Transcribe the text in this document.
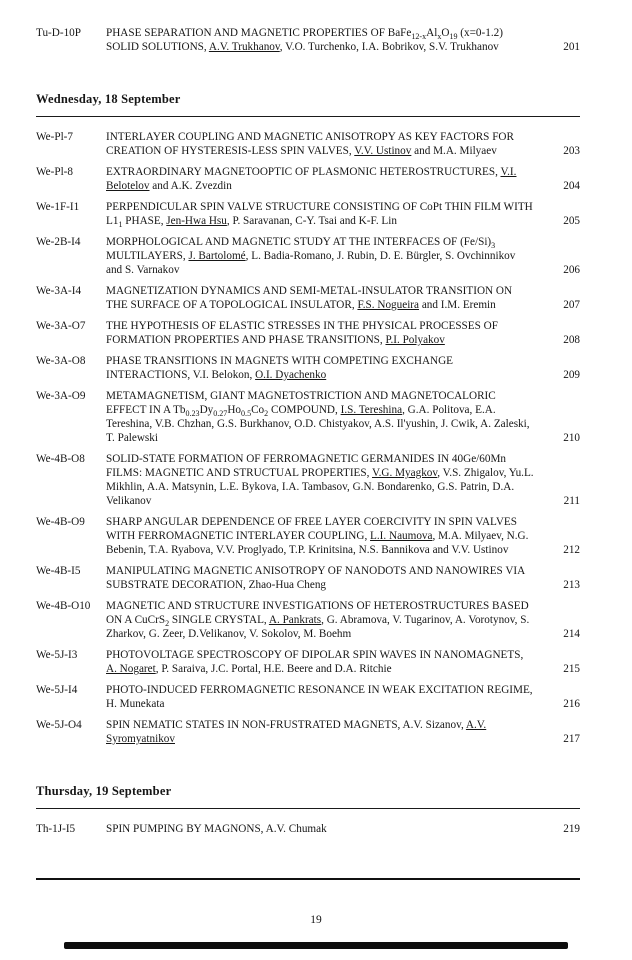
Tu-D-10P	PHASE SEPARATION AND MAGNETIC PROPERTIES OF $BaFe_{12-x}Al_xO_{19}$ (x=0-1.2) SOLID SOLUTIONS, A.V. Trukhanov, V.O. Turchenko, I.A. Bobrikov, S.V. Trukhanov	201
Wednesday, 18 September
We-Pl-7	INTERLAYER COUPLING AND MAGNETIC ANISOTROPY AS KEY FACTORS FOR CREATION OF HYSTERESIS-LESS SPIN VALVES, V.V. Ustinov and M.A. Milyaev	203
We-Pl-8	EXTRAORDINARY MAGNETOOPTIC OF PLASMONIC HETEROSTRUCTURES, V.I. Belotelov and A.K. Zvezdin	204
We-1F-I1	PERPENDICULAR SPIN VALVE STRUCTURE CONSISTING OF CoPt THIN FILM WITH $L1_1$ PHASE, Jen-Hwa Hsu, P. Saravanan, C-Y. Tsai and K-F. Lin	205
We-2B-I4	MORPHOLOGICAL AND MAGNETIC STUDY AT THE INTERFACES OF $(Fe/Si)_3$ MULTILAYERS, J. Bartolomé, L. Badia-Romano, J. Rubin, D. E. Bürgler, S. Ovchinnikov and S. Varnakov	206
We-3A-I4	MAGNETIZATION DYNAMICS AND SEMI-METAL-INSULATOR TRANSITION ON THE SURFACE OF A TOPOLOGICAL INSULATOR, F.S. Nogueira and I.M. Eremin	207
We-3A-O7	THE HYPOTHESIS OF ELASTIC STRESSES IN THE PHYSICAL PROCESSES OF FORMATION PROPERTIES AND PHASE TRANSITIONS, P.I. Polyakov	208
We-3A-O8	PHASE TRANSITIONS IN MAGNETS WITH COMPETING EXCHANGE INTERACTIONS, V.I. Belokon, O.I. Dyachenko	209
We-3A-O9	METAMAGNETISM, GIANT MAGNETOSTRICTION AND MAGNETOCALORIC EFFECT IN A $Tb_{0.23}Dy_{0.27}Ho_{0.5}Co_2$ COMPOUND, I.S. Tereshina, G.A. Politova, E.A. Tereshina, V.B. Chzhan, G.S. Burkhanov, O.D. Chistyakov, A.S. Il'yushin, J. Cwik, A. Zaleski, T. Palewski	210
We-4B-O8	SOLID-STATE FORMATION OF FERROMAGNETIC GERMANIDES IN 40Ge/60Mn FILMS: MAGNETIC AND STRUCTUAL PROPERTIES, V.G. Myagkov, V.S. Zhigalov, Yu.L. Mikhlin, A.A. Matsynin, L.E. Bykova, I.A. Tambasov, G.N. Bondarenko, G.S. Patrin, D.A. Velikanov	211
We-4B-O9	SHARP ANGULAR DEPENDENCE OF FREE LAYER COERCIVITY IN SPIN VALVES WITH FERROMAGNETIC INTERLAYER COUPLING, L.I. Naumova, M.A. Milyaev, N.G. Bebenin, T.A. Ryabova, V.V. Proglyado, T.P. Krinitsina, N.S. Bannikova and V.V. Ustinov	212
We-4B-I5	MANIPULATING MAGNETIC ANISOTROPY OF NANODOTS AND NANOWIRES VIA SUBSTRATE DECORATION, Zhao-Hua Cheng	213
We-4B-O10	MAGNETIC AND STRUCTURE INVESTIGATIONS OF HETEROSTRUCTURES BASED ON A CuCrS$_2$ SINGLE CRYSTAL, A. Pankrats, G. Abramova, V. Tugarinov, A. Vorotynov, S. Zharkov, G. Zeer, D.Velikanov, V. Sokolov, M. Boehm	214
We-5J-I3	PHOTOVOLTAGE SPECTROSCOPY OF DIPOLAR SPIN WAVES IN NANOMAGNETS, A. Nogaret, P. Saraiva, J.C. Portal, H.E. Beere and D.A. Ritchie	215
We-5J-I4	PHOTO-INDUCED FERROMAGNETIC RESONANCE IN WEAK EXCITATION REGIME, H. Munekata	216
We-5J-O4	SPIN NEMATIC STATES IN NON-FRUSTRATED MAGNETS, A.V. Sizanov, A.V. Syromyatnikov	217
Thursday, 19 September
Th-1J-I5	SPIN PUMPING BY MAGNONS, A.V. Chumak	219
19
